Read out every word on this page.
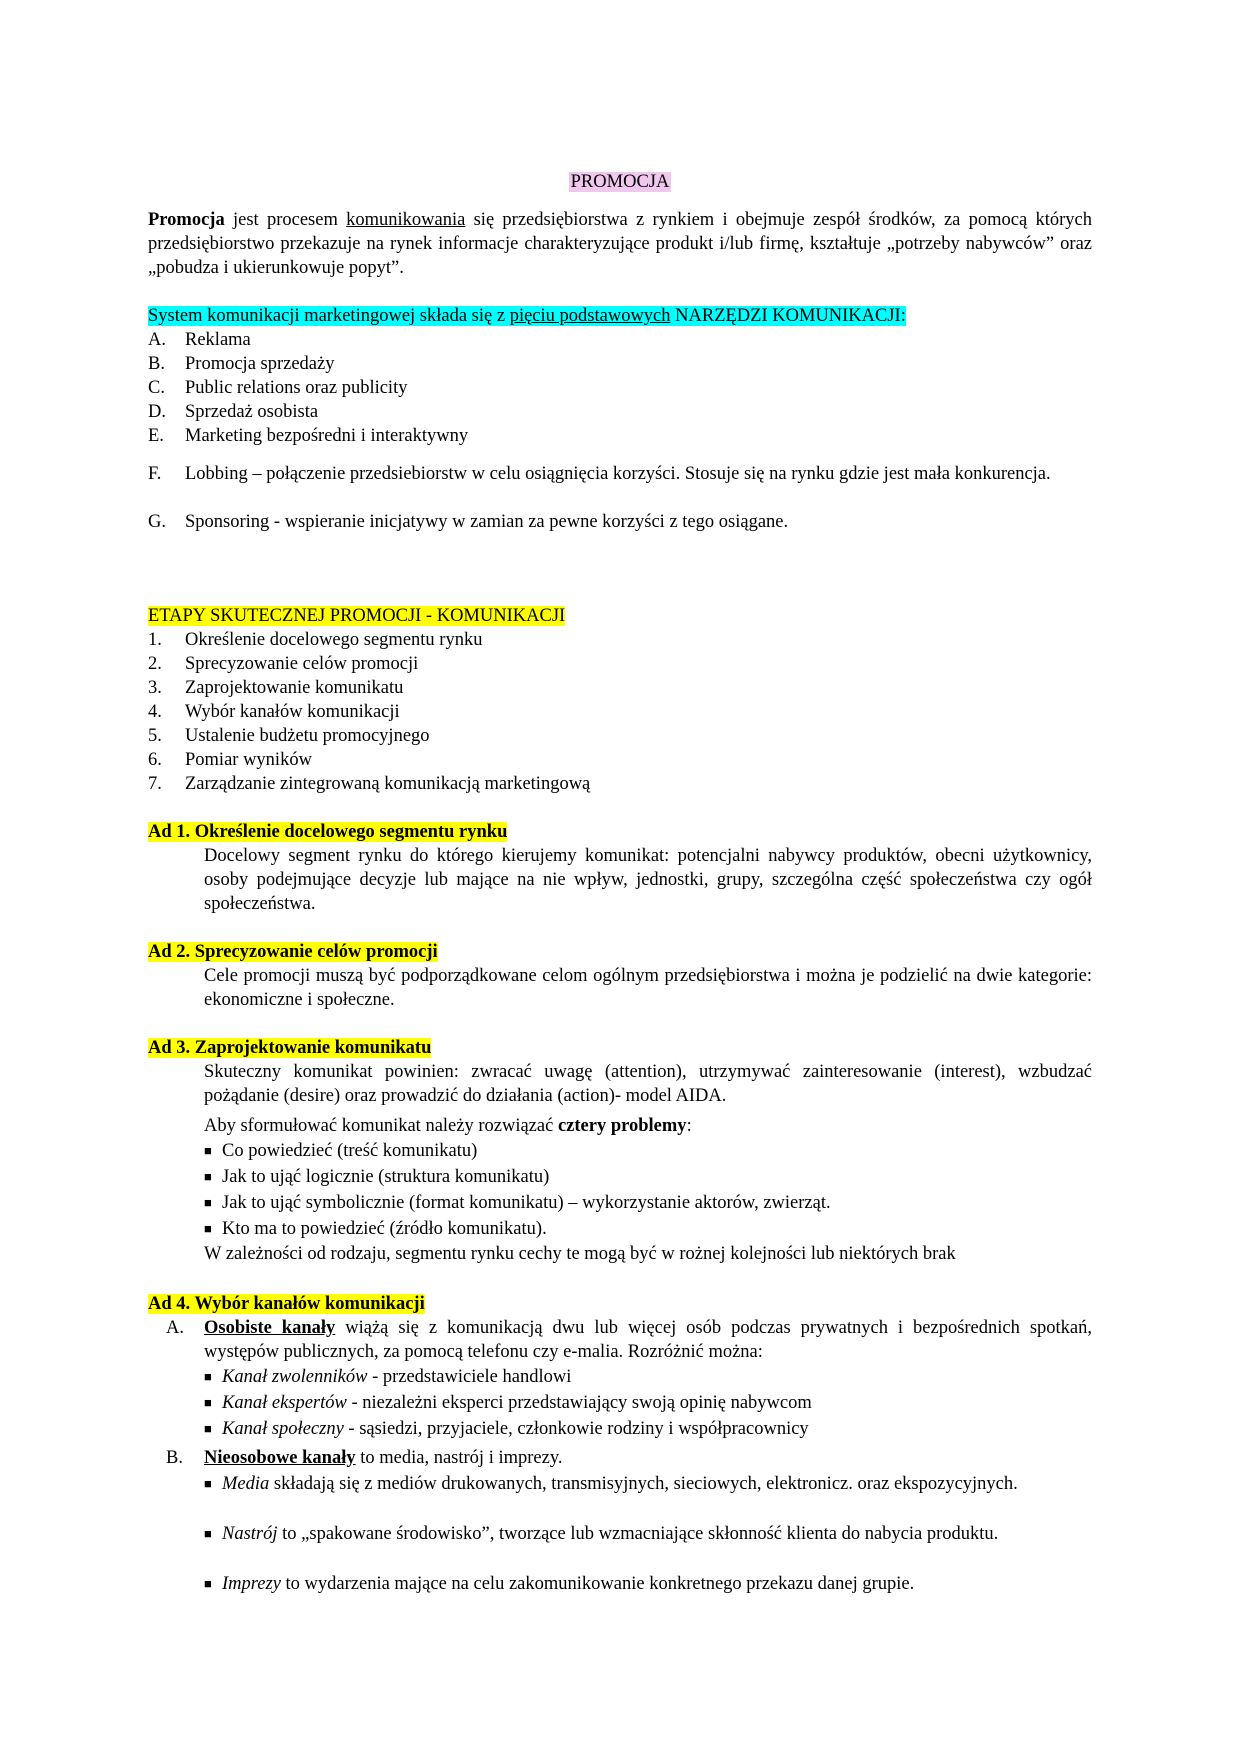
PROMOCJA
Promocja jest procesem komunikowania się przedsiębiorstwa z rynkiem i obejmuje zespół środków, za pomocą których przedsiębiorstwo przekazuje na rynek informacje charakteryzujące produkt i/lub firmę, kształtuje „potrzeby nabywców” oraz „pobudza i ukierunkowuje popyt”.
System komunikacji marketingowej składa się z pięciu podstawowych NARZĘDZI KOMUNIKACJI:
A.	Reklama
B.	Promocja sprzedaży
C.	Public relations oraz publicity
D.	Sprzedaż osobista
E.	Marketing bezpośredni i interaktywny
F.	Lobbing – połączenie przedsiebiorstw w celu osiągnięcia korzyści. Stosuje się na rynku gdzie jest mała konkurencja.
G.	Sponsoring - wspieranie inicjatywy w zamian za pewne korzyści z tego osiągane.
ETAPY SKUTECZNEJ PROMOCJI - KOMUNIKACJI
1.	Określenie docelowego segmentu rynku
2.	Sprecyzowanie celów promocji
3.	Zaprojektowanie komunikatu
4.	Wybór kanałów komunikacji
5.	Ustalenie budżetu promocyjnego
6.	Pomiar wyników
7.	Zarządzanie zintegrowaną komunikacją marketingową
Ad 1. Określenie docelowego segmentu rynku
Docelowy segment rynku do którego kierujemy komunikat: potencjalni nabywcy produktów, obecni użytkownicy, osoby podejmujące decyzje lub mające na nie wpływ, jednostki, grupy, szczególna część społeczeństwa czy ogół społeczeństwa.
Ad 2. Sprecyzowanie celów promocji
Cele promocji muszą być podporządkowane celom ogólnym przedsiębiorstwa i można je podzielić na dwie kategorie: ekonomiczne i społeczne.
Ad 3. Zaprojektowanie komunikatu
Skuteczny komunikat powinien: zwracać uwagę (attention), utrzymywać zainteresowanie (interest), wzbudzać pożądanie (desire) oraz prowadzić do działania (action)- model AIDA.
Aby sformułować komunikat należy rozwiązać cztery problemy:
■ Co powiedzieć (treść komunikatu)
■ Jak to ująć logicznie (struktura komunikatu)
■ Jak to ująć symbolicznie (format komunikatu) – wykorzystanie aktorów, zwierząt.
■ Kto ma to powiedzieć (źródło komunikatu).
W zależności od rodzaju, segmentu rynku cechy te mogą być w rożnej kolejności lub niektórych brak
Ad 4. Wybór kanałów komunikacji
A.	Osobiste kanały wiążą się z komunikacją dwu lub więcej osób podczas prywatnych i bezpośrednich spotkań, występów publicznych, za pomocą telefonu czy e-malia. Rozróżnić można:
■ Kanał zwolenników - przedstawiciele handlowi
■ Kanał ekspertów - niezależni eksperci przedstawiający swoją opinię nabywcom
■ Kanał społeczny - sąsiedzi, przyjaciele, członkowie rodziny i współpracownicy
B.	Nieosobowe kanały to media, nastrój i imprezy.
■ Media składają się z mediów drukowanych, transmisyjnych, sieciowych, elektronicz. oraz ekspozycyjnych.
■ Nastrój to „spakowane środowisko”, tworzące lub wzmacniające skłonność klienta do nabycia produktu.
■ Imprezy to wydarzenia mające na celu zakomunikowanie konkretnego przekazu danej grupie.
